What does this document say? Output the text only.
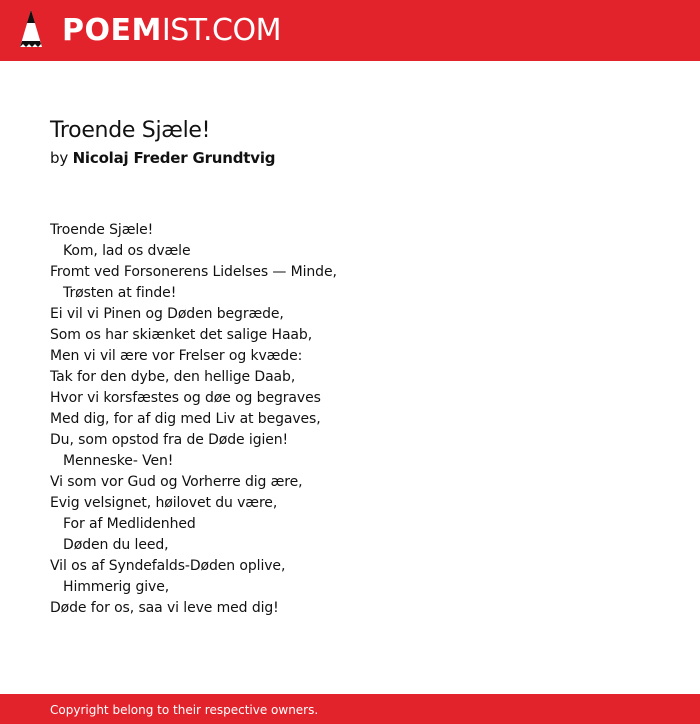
POEMIST.COM
Troende Sjæle!
by Nicolaj Freder Grundtvig
Troende Sjæle!
Kom, lad os dvæle
Fromt ved Forsonerens Lidelses — Minde,
Trøsten at finde!
Ei vil vi Pinen og Døden begræde,
Som os har skiænket det salige Haab,
Men vi vil ære vor Frelser og kvæde:
Tak for den dybe, den hellige Daab,
Hvor vi korsfæstes og døe og begraves
Med dig, for af dig med Liv at begaves,
Du, som opstod fra de Døde igien!
Menneske- Ven!
Vi som vor Gud og Vorherre dig ære,
Evig velsignet, høilovet du være,
For af Medlidenhed
Døden du leed,
Vil os af Syndefalds-Døden oplive,
Himmerig give,
Døde for os, saa vi leve med dig!
Copyright belong to their respective owners.
